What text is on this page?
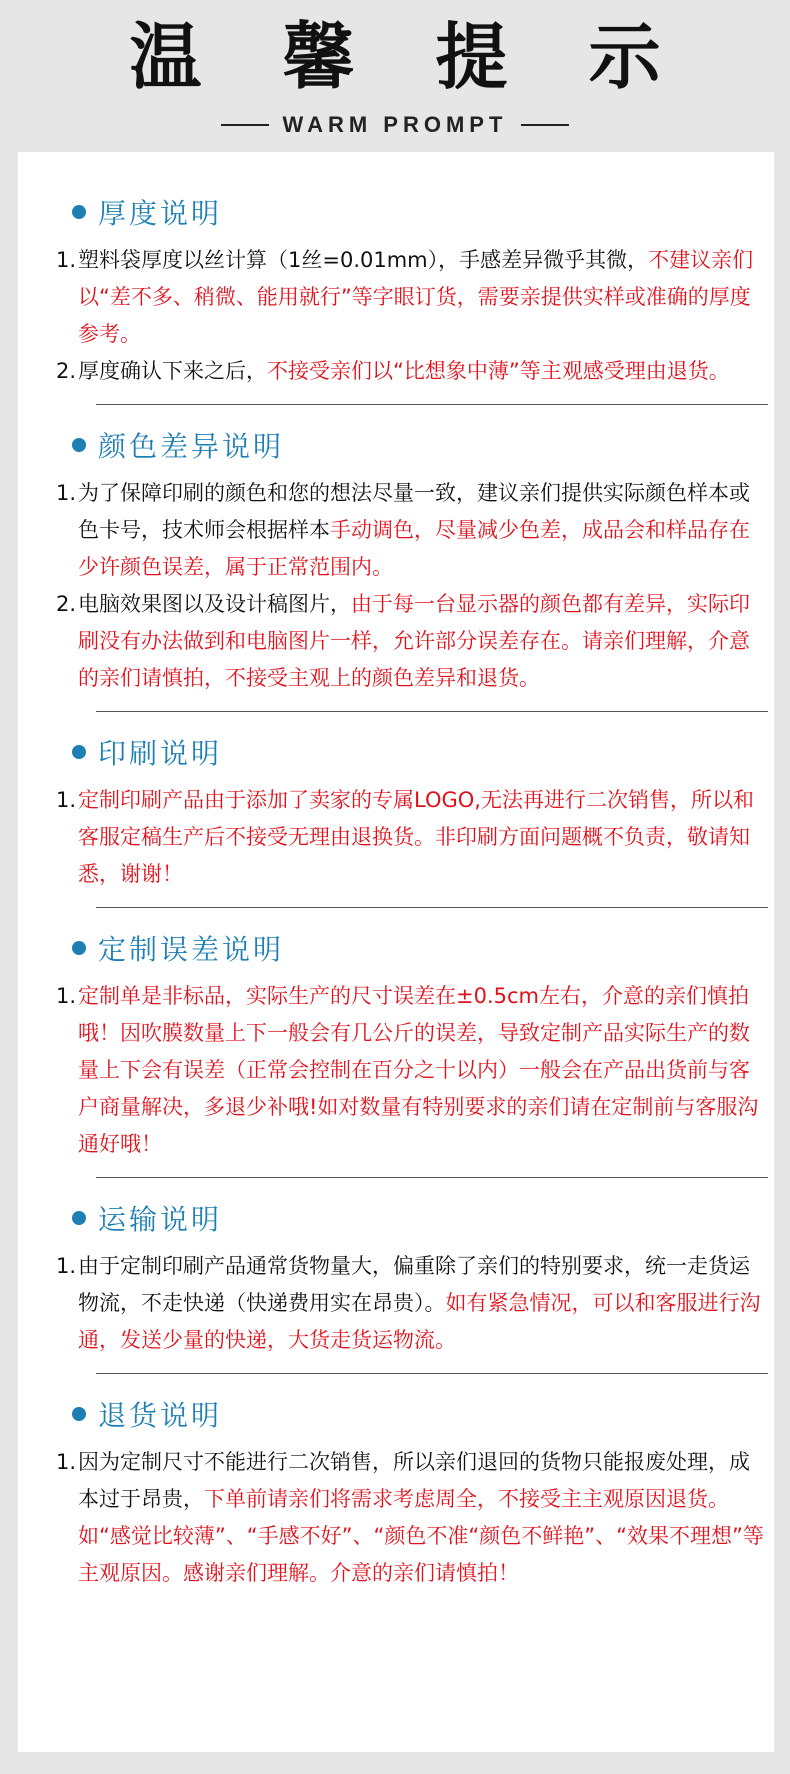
温 馨 提 示
WARM PROMPT
厚度说明
1. 塑料袋厚度以丝计算（1丝=0.01mm），手感差异微乎其微，不建议亲们以“差不多、稍微、能用就行”等字眼订货，需要亲提供实样或准确的厚度参考。
2. 厚度确认下来之后，不接受亲们以“比想象中薄”等主观感受理由退货。
颜色差异说明
1. 为了保障印刷的颜色和您的想法尽量一致，建议亲们提供实际颜色样本或色卡号，技术师会根据样本手动调色，尽量减少色差，成品会和样品存在少许颜色误差，属于正常范围内。
2. 电脑效果图以及设计稿图片，由于每一台显示器的颜色都有差异，实际印刷没有办法做到和电脑图片一样，允许部分误差存在。请亲们理解，介意的亲们请慎拍，不接受主观上的颜色差异和退货。
印刷说明
1. 定制印刷产品由于添加了卖家的专属LOGO,无法再进行二次销售，所以和客服定稿生产后不接受无理由退换货。非印刷方面问题概不负责，敬请知悉，谢谢！
定制误差说明
1. 定制单是非标品，实际生产的尺寸误差在±0.5cm左右，介意的亲们慎拍哦！因吹膜数量上下一般会有几公斤的误差，导致定制产品实际生产的数量上下会有误差（正常会控制在百分之十以内）一般会在产品出货前与客户商量解决，多退少补哦!如对数量有特别要求的亲们请在定制前与客服沟通好哦！
运输说明
1. 由于定制印刷产品通常货物量大，偏重除了亲们的特别要求，统一走货运物流，不走快递（快递费用实在昂贵）。如有紧急情况，可以和客服进行沟通，发送少量的快递，大货走货运物流。
退货说明
1. 因为定制尺寸不能进行二次销售，所以亲们退回的货物只能报废处理，成本过于昂贵，下单前请亲们将需求考虑周全，不接受主主观原因退货。如“感觉比较薄”、“手感不好”、“颜色不准“颜色不鲜艳”、“效果不理想”等主观原因。感谢亲们理解。介意的亲们请慎拍！
